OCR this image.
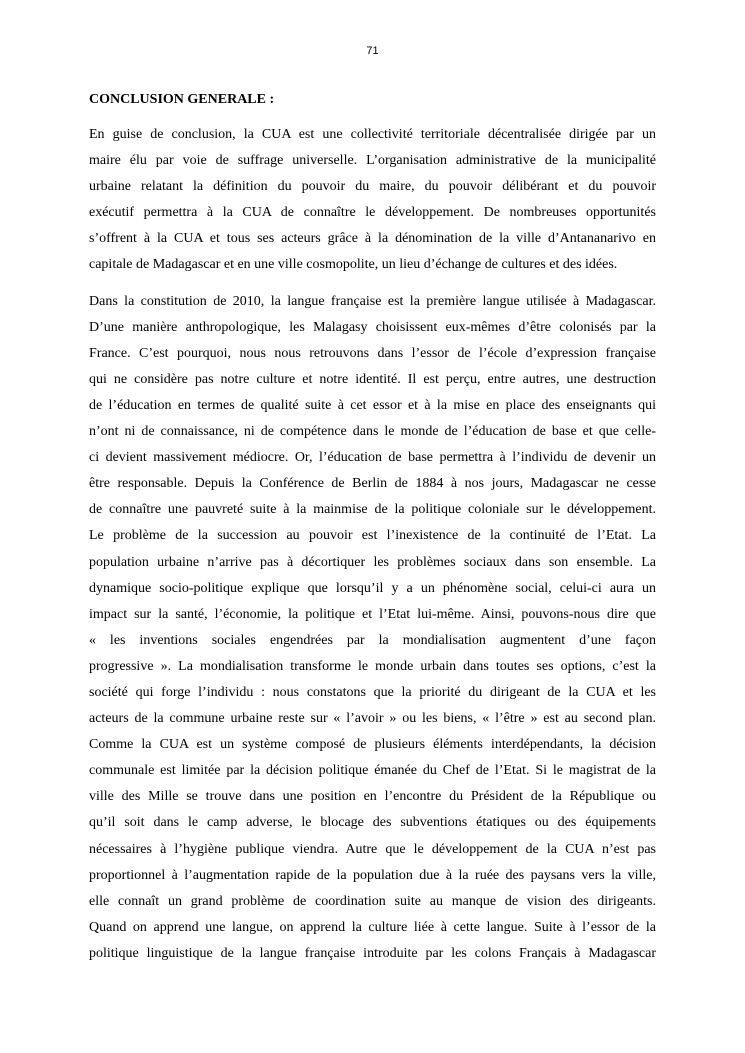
71
CONCLUSION GENERALE :
En guise de conclusion, la CUA est une collectivité territoriale décentralisée dirigée par un
maire élu par voie de suffrage universelle. L’organisation administrative de la municipalité
urbaine relatant la définition du pouvoir du maire, du pouvoir délibérant et du pouvoir
exécutif permettra à la CUA de connaître le développement. De nombreuses opportunités
s’offrent à la CUA et tous ses acteurs grâce à la dénomination de la ville d’Antananarivo en
capitale de Madagascar et en une ville cosmopolite, un lieu d’échange de cultures et des idées.
Dans la constitution de 2010, la langue française est la première langue utilisée à Madagascar.
D’une manière anthropologique, les Malagasy choisissent eux-mêmes d’être colonisés par la
France. C’est pourquoi, nous nous retrouvons dans l’essor de l’école d’expression française
qui ne considère pas notre culture et notre identité. Il est perçu, entre autres, une destruction
de l’éducation en termes de qualité suite à cet essor et à la mise en place des enseignants qui
n’ont ni de connaissance, ni de compétence dans le monde de l’éducation de base et que celle-
ci devient massivement médiocre. Or, l’éducation de base permettra à l’individu de devenir un
être responsable. Depuis la Conférence de Berlin de 1884 à nos jours, Madagascar ne cesse
de connaître une pauvreté suite à la mainmise de la politique coloniale sur le développement.
Le problème de la succession au pouvoir est l’inexistence de la continuité de l’Etat. La
population urbaine n’arrive pas à décortiquer les problèmes sociaux dans son ensemble. La
dynamique socio-politique explique que lorsqu’il y a un phénomène social, celui-ci aura un
impact sur la santé, l’économie, la politique et l’Etat lui-même. Ainsi, pouvons-nous dire que
« les inventions sociales engendrées par la mondialisation augmentent d’une façon
progressive ». La mondialisation transforme le monde urbain dans toutes ses options, c’est la
société qui forge l’individu : nous constatons que la priorité du dirigeant de la CUA et les
acteurs de la commune urbaine reste sur « l’avoir » ou les biens, « l’être » est au second plan.
Comme la CUA est un système composé de plusieurs éléments interdépendants, la décision
communale est limitée par la décision politique émanée du Chef de l’Etat. Si le magistrat de la
ville des Mille se trouve dans une position en l’encontre du Président de la République ou
qu’il soit dans le camp adverse, le blocage des subventions étatiques ou des équipements
nécessaires à l’hygiène publique viendra. Autre que le développement de la CUA n’est pas
proportionnel à l’augmentation rapide de la population due à la ruée des paysans vers la ville,
elle connaît un grand problème de coordination suite au manque de vision des dirigeants.
Quand on apprend une langue, on apprend la culture liée à cette langue. Suite à l’essor de la
politique linguistique de la langue française introduite par les colons Français à Madagascar
